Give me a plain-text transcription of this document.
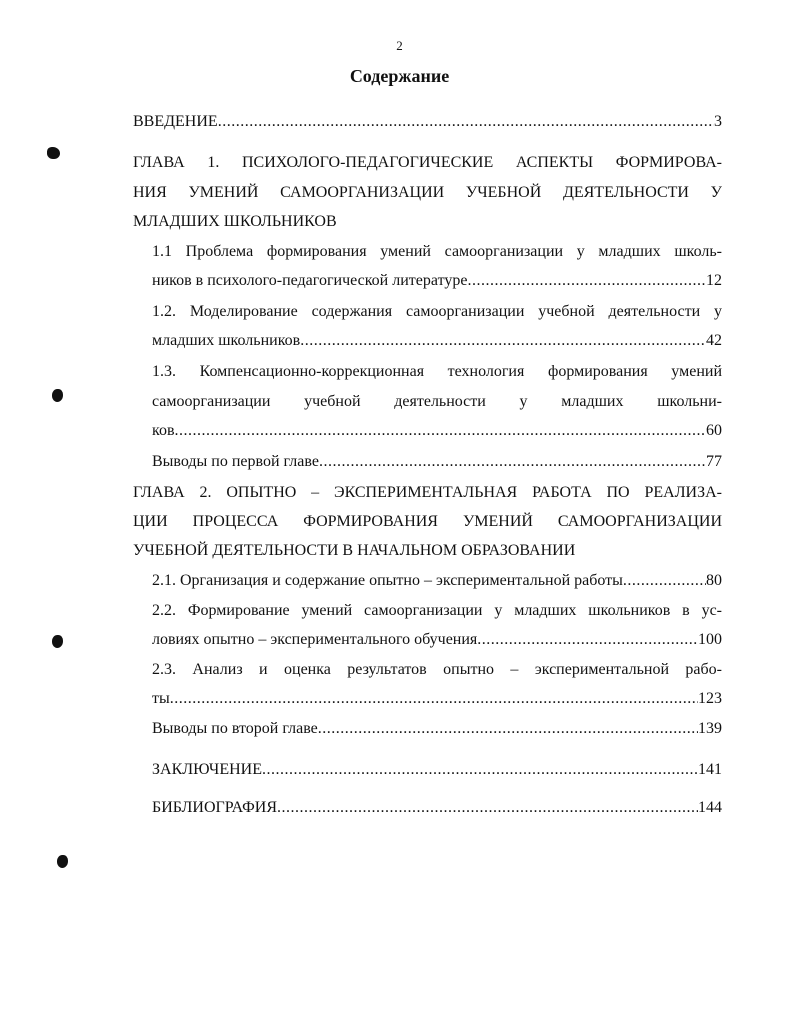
2
Содержание
ВВЕДЕНИЕ .....	3
ГЛАВА 1. ПСИХОЛОГО-ПЕДАГОГИЧЕСКИЕ АСПЕКТЫ ФОРМИРОВА-
НИЯ УМЕНИЙ САМООРГАНИЗАЦИИ УЧЕБНОЙ ДЕЯТЕЛЬНОСТИ У
МЛАДШИХ ШКОЛЬНИКОВ
1.1 Проблема формирования умений самоорганизации у младших школь-
ников в психолого-педагогической литературе .....	12
1.2. Моделирование содержания самоорганизации учебной деятельности у
младших школьников .....	42
1.3. Компенсационно-коррекционная технология формирования умений
самоорганизации учебной деятельности у младших школьни-
ков .....	60
Выводы по первой главе .....	77
ГЛАВА 2. ОПЫТНО – ЭКСПЕРИМЕНТАЛЬНАЯ РАБОТА ПО РЕАЛИЗА-
ЦИИ ПРОЦЕССА ФОРМИРОВАНИЯ УМЕНИЙ САМООРГАНИЗАЦИИ
УЧЕБНОЙ ДЕЯТЕЛЬНОСТИ В НАЧАЛЬНОМ ОБРАЗОВАНИИ
2.1. Организация и содержание опытно – экспериментальной работы .....	80
2.2. Формирование умений самоорганизации у младших школьников в ус-
ловиях опытно – экспериментального обучения .....	100
2.3. Анализ и оценка результатов опытно – экспериментальной рабо-
ты .....	123
Выводы по второй главе .....	139
ЗАКЛЮЧЕНИЕ .....	141
БИБЛИОГРАФИЯ .....	144
